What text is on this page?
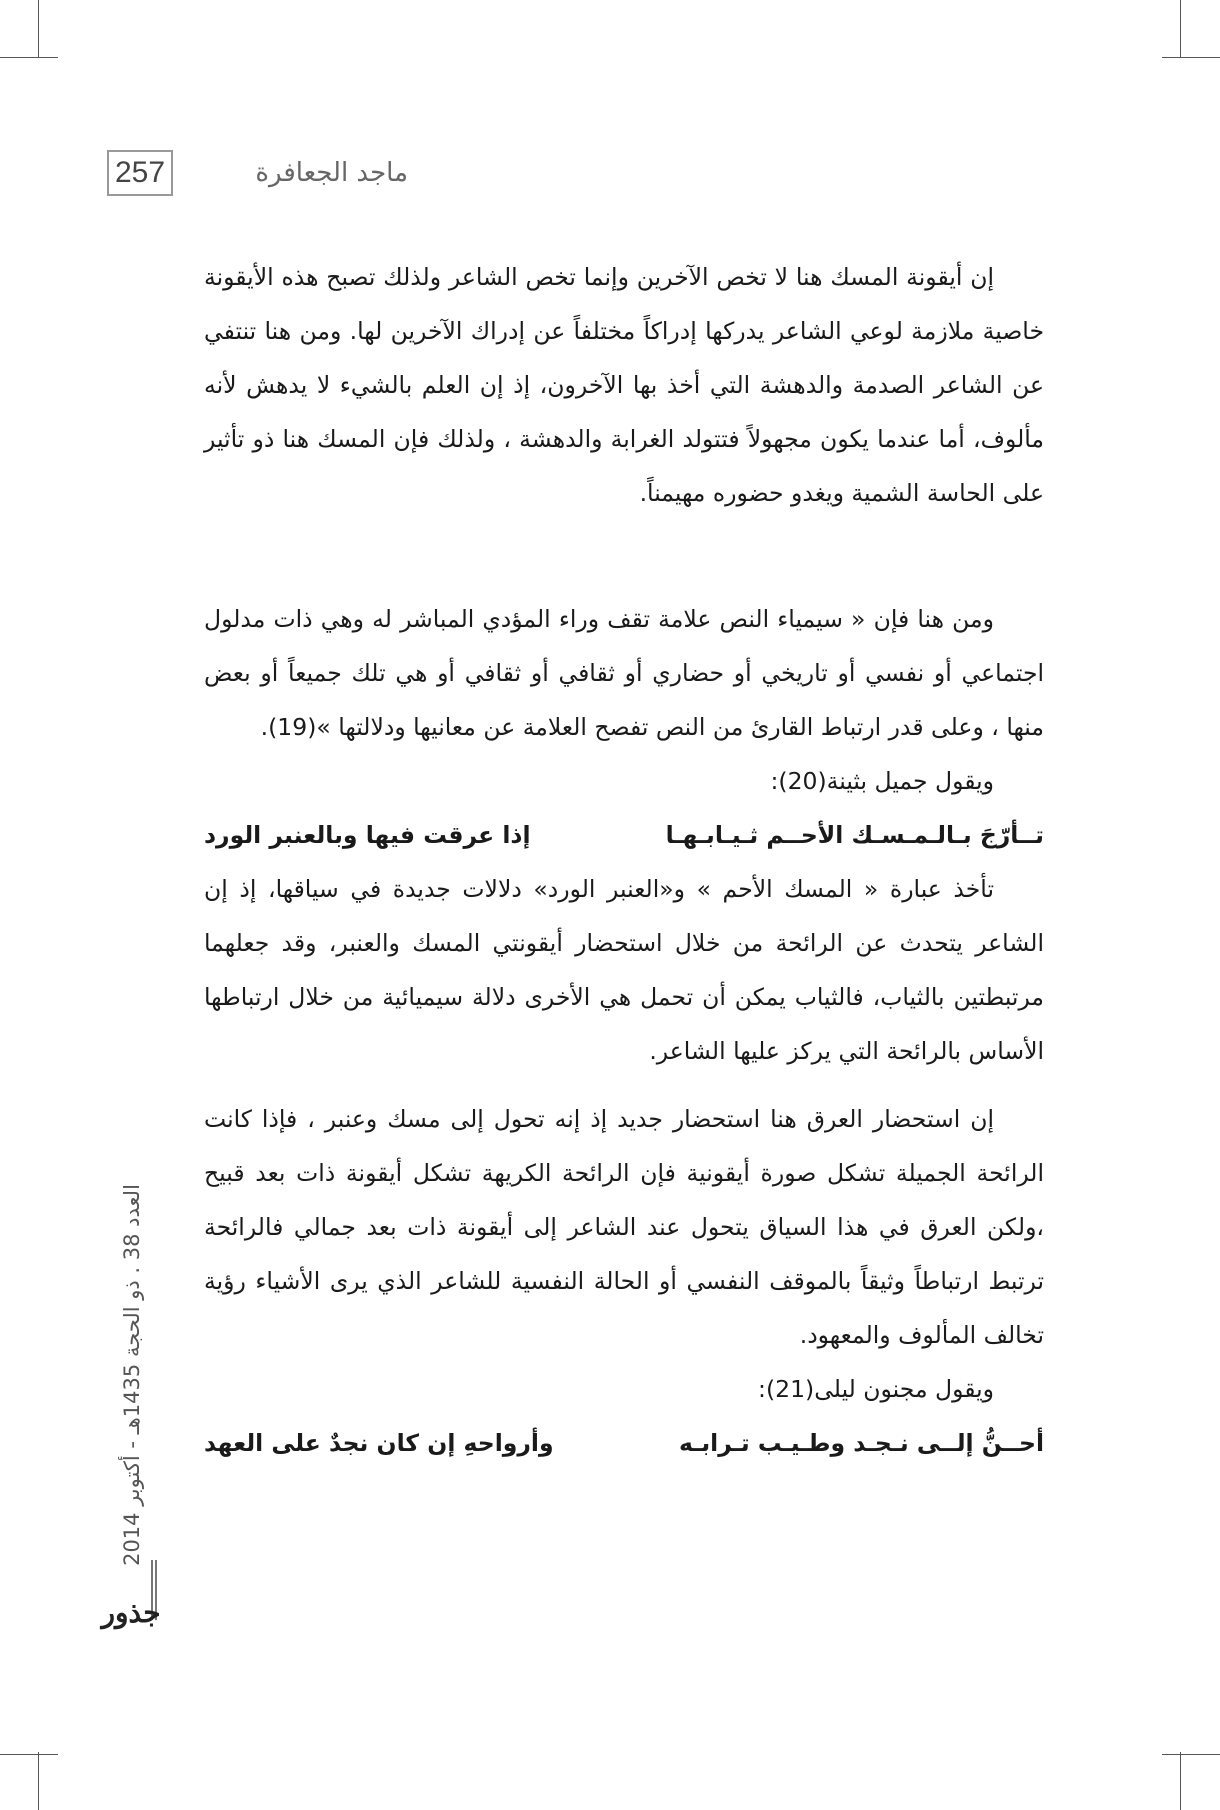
257	ماجد الجعافرة

إن أيقونة المسك هنا لا تخص الآخرين وإنما تخص الشاعر ولذلك تصبح هذه الأيقونة خاصية ملازمة لوعي الشاعر يدركها إدراكاً مختلفاً عن إدراك الآخرين لها. ومن هنا تنتفي عن الشاعر الصدمة والدهشة التي أخذ بها الآخرون، إذ إن العلم بالشيء لا يدهش لأنه مألوف، أما عندما يكون مجهولاً فتتولد الغرابة والدهشة ، ولذلك فإن المسك هنا ذو تأثير على الحاسة الشمية ويغدو حضوره مهيمناً.

ومن هنا فإن « سيمياء النص علامة تقف وراء المؤدي المباشر له وهي ذات مدلول اجتماعي أو نفسي أو تاريخي أو حضاري أو ثقافي أو ثقافي أو هي تلك جميعاً أو بعض منها ، وعلى قدر ارتباط القارئ من النص تفصح العلامة عن معانيها ودلالتها »(19).

ويقول جميل بثينة(20):

تــأرّجَ بـالـمـسـك الأحــم ثـيـابـهـا
إذا عرقت فيها وبالعنبر الورد

تأخذ عبارة « المسك الأحم » و«العنبر الورد» دلالات جديدة في سياقها، إذ إن الشاعر يتحدث عن الرائحة من خلال استحضار أيقونتي المسك والعنبر، وقد جعلهما مرتبطتين بالثياب، فالثياب يمكن أن تحمل هي الأخرى دلالة سيميائية من خلال ارتباطها الأساس بالرائحة التي يركز عليها الشاعر.

إن استحضار العرق هنا استحضار جديد إذ إنه تحول إلى مسك وعنبر ، فإذا كانت الرائحة الجميلة تشكل صورة أيقونية فإن الرائحة الكريهة تشكل أيقونة ذات بعد قبيح ،ولكن العرق في هذا السياق يتحول عند الشاعر إلى أيقونة ذات بعد جمالي فالرائحة ترتبط ارتباطاً وثيقاً بالموقف النفسي أو الحالة النفسية للشاعر الذي يرى الأشياء رؤية تخالف المألوف والمعهود.

ويقول مجنون ليلى(21):

أحــنُّ إلــى نـجـد وطـيـب تـرابـه
وأرواحهِ إن كان نجدٌ على العهد
العدد 38 . ذو الحجة 1435هـ - أكتوبر 2014
جذور
